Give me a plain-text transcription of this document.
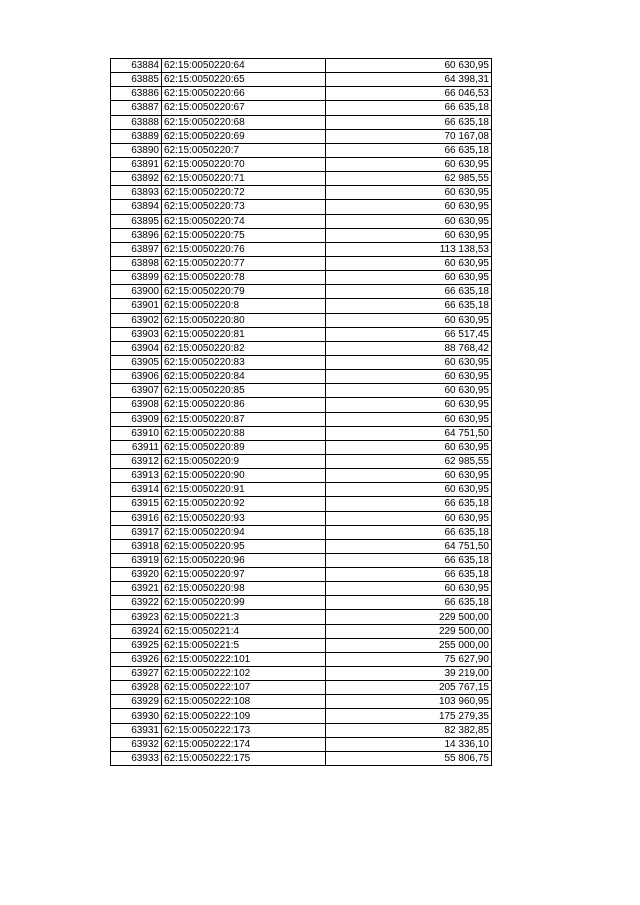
63884	62:15:0050220:64	60 630,95
63885	62:15:0050220:65	64 398,31
63886	62:15:0050220:66	66 046,53
63887	62:15:0050220:67	66 635,18
63888	62:15:0050220:68	66 635,18
63889	62:15:0050220:69	70 167,08
63890	62:15:0050220:7	66 635,18
63891	62:15:0050220:70	60 630,95
63892	62:15:0050220:71	62 985,55
63893	62:15:0050220:72	60 630,95
63894	62:15:0050220:73	60 630,95
63895	62:15:0050220:74	60 630,95
63896	62:15:0050220:75	60 630,95
63897	62:15:0050220:76	113 138,53
63898	62:15:0050220:77	60 630,95
63899	62:15:0050220:78	60 630,95
63900	62:15:0050220:79	66 635,18
63901	62:15:0050220:8	66 635,18
63902	62:15:0050220:80	60 630,95
63903	62:15:0050220:81	66 517,45
63904	62:15:0050220:82	88 768,42
63905	62:15:0050220:83	60 630,95
63906	62:15:0050220:84	60 630,95
63907	62:15:0050220:85	60 630,95
63908	62:15:0050220:86	60 630,95
63909	62:15:0050220:87	60 630,95
63910	62:15:0050220:88	64 751,50
63911	62:15:0050220:89	60 630,95
63912	62:15:0050220:9	62 985,55
63913	62:15:0050220:90	60 630,95
63914	62:15:0050220:91	60 630,95
63915	62:15:0050220:92	66 635,18
63916	62:15:0050220:93	60 630,95
63917	62:15:0050220:94	66 635,18
63918	62:15:0050220:95	64 751,50
63919	62:15:0050220:96	66 635,18
63920	62:15:0050220:97	66 635,18
63921	62:15:0050220:98	60 630,95
63922	62:15:0050220:99	66 635,18
63923	62:15:0050221:3	229 500,00
63924	62:15:0050221:4	229 500,00
63925	62:15:0050221:5	255 000,00
63926	62:15:0050222:101	75 627,90
63927	62:15:0050222:102	39 219,00
63928	62:15:0050222:107	205 767,15
63929	62:15:0050222:108	103 960,95
63930	62:15:0050222:109	175 279,35
63931	62:15:0050222:173	82 382,85
63932	62:15:0050222:174	14 336,10
63933	62:15:0050222:175	55 806,75
